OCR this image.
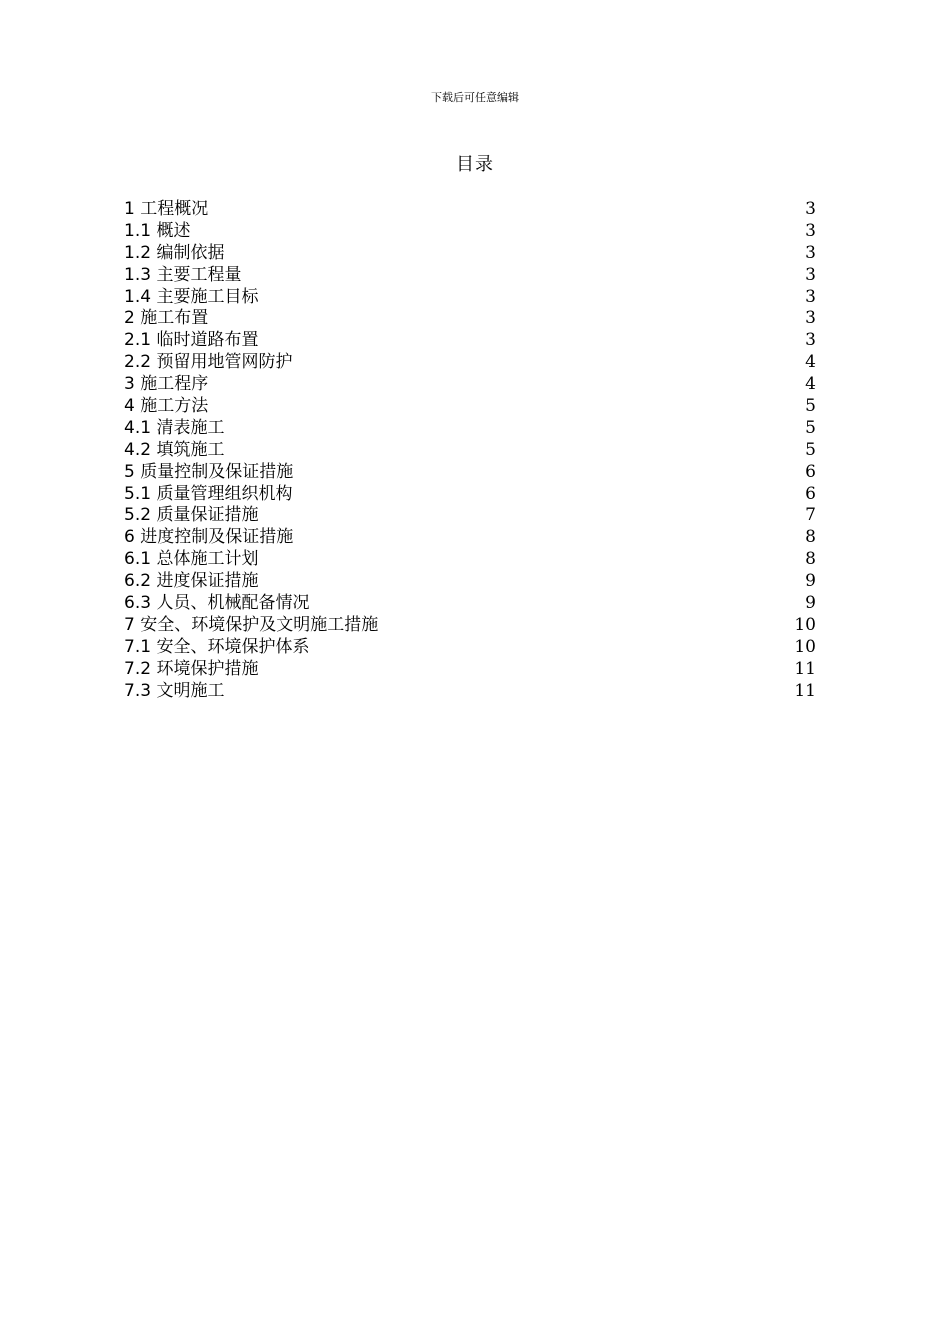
下载后可任意编辑
目录
1 工程概况	3
1.1 概述	3
1.2 编制依据	3
1.3 主要工程量	3
1.4 主要施工目标	3
2 施工布置	3
2.1 临时道路布置	3
2.2 预留用地管网防护	4
3 施工程序	4
4 施工方法	5
4.1 清表施工	5
4.2 填筑施工	5
5 质量控制及保证措施	6
5.1 质量管理组织机构	6
5.2 质量保证措施	7
6 进度控制及保证措施	8
6.1 总体施工计划	8
6.2 进度保证措施	9
6.3 人员、机械配备情况	9
7 安全、环境保护及文明施工措施	10
7.1 安全、环境保护体系	10
7.2 环境保护措施	11
7.3 文明施工	11
